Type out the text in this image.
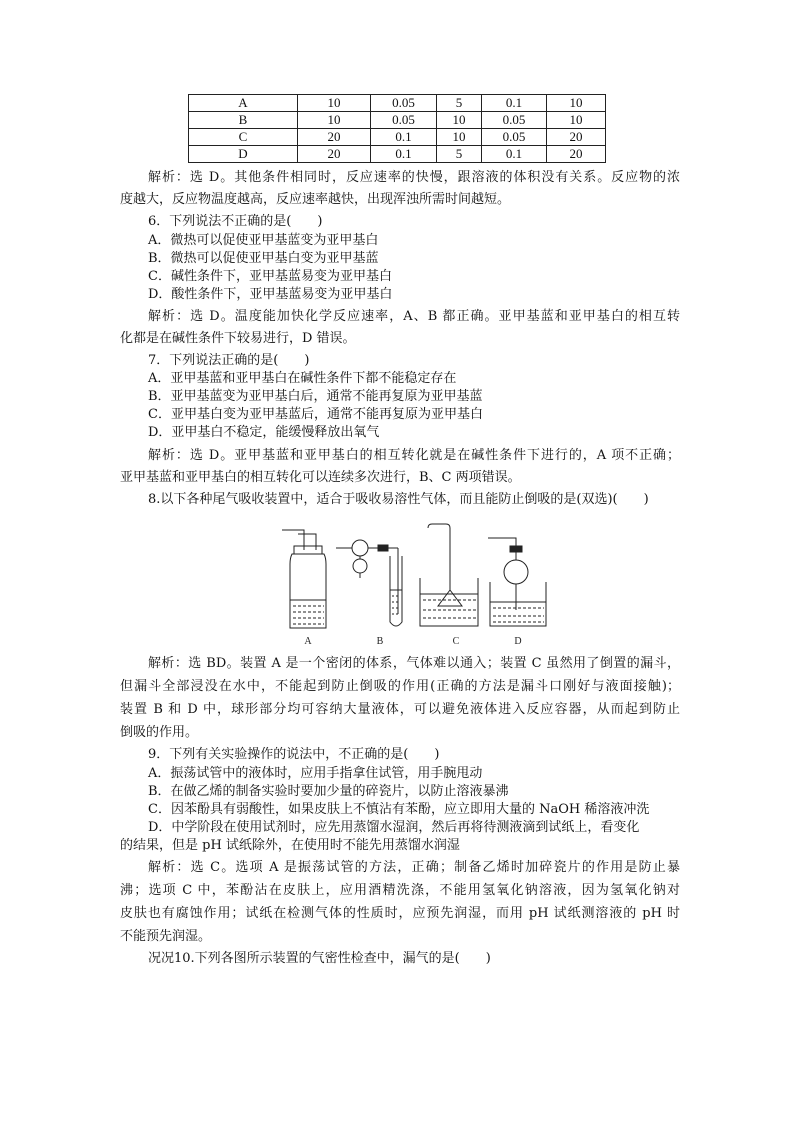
A	10	0.05	5	0.1	10
B	10	0.05	10	0.05	10
C	20	0.1	10	0.05	20
D	20	0.1	5	0.1	20
解析：选 D。其他条件相同时，反应速率的快慢，跟溶液的体积没有关系。反应物的浓
度越大，反应物温度越高，反应速率越快，出现浑浊所需时间越短。
6．下列说法不正确的是(　　)
A．微热可以促使亚甲基蓝变为亚甲基白
B．微热可以促使亚甲基白变为亚甲基蓝
C．碱性条件下，亚甲基蓝易变为亚甲基白
D．酸性条件下，亚甲基蓝易变为亚甲基白
解析：选 D。温度能加快化学反应速率，A、B 都正确。亚甲基蓝和亚甲基白的相互转
化都是在碱性条件下较易进行，D 错误。
7．下列说法正确的是(　　)
A．亚甲基蓝和亚甲基白在碱性条件下都不能稳定存在
B．亚甲基蓝变为亚甲基白后，通常不能再复原为亚甲基蓝
C．亚甲基白变为亚甲基蓝后，通常不能再复原为亚甲基白
D．亚甲基白不稳定，能缓慢释放出氧气
解析：选 D。亚甲基蓝和亚甲基白的相互转化就是在碱性条件下进行的，A 项不正确；
亚甲基蓝和亚甲基白的相互转化可以连续多次进行，B、C 两项错误。
8.以下各种尾气吸收装置中，适合于吸收易溶性气体，而且能防止倒吸的是(双选)(　　)
A	B	C	D
解析：选 BD。装置 A 是一个密闭的体系，气体难以通入；装置 C 虽然用了倒置的漏斗，
但漏斗全部浸没在水中，不能起到防止倒吸的作用(正确的方法是漏斗口刚好与液面接触)；
装置 B 和 D 中，球形部分均可容纳大量液体，可以避免液体进入反应容器，从而起到防止
倒吸的作用。
9．下列有关实验操作的说法中，不正确的是(　　)
A．振荡试管中的液体时，应用手指拿住试管，用手腕甩动
B．在做乙烯的制备实验时要加少量的碎瓷片，以防止溶液暴沸
C．因苯酚具有弱酸性，如果皮肤上不慎沾有苯酚，应立即用大量的 NaOH 稀溶液冲洗
D．中学阶段在使用试剂时，应先用蒸馏水湿润，然后再将待测液滴到试纸上，看变化
的结果，但是 pH 试纸除外，在使用时不能先用蒸馏水润湿
解析：选 C。选项 A 是振荡试管的方法，正确；制备乙烯时加碎瓷片的作用是防止暴
沸；选项 C 中，苯酚沾在皮肤上，应用酒精洗涤，不能用氢氧化钠溶液，因为氢氧化钠对
皮肤也有腐蚀作用；试纸在检测气体的性质时，应预先润湿，而用 pH 试纸测溶液的 pH 时
不能预先润湿。
况况10.下列各图所示装置的气密性检查中，漏气的是(　　)
